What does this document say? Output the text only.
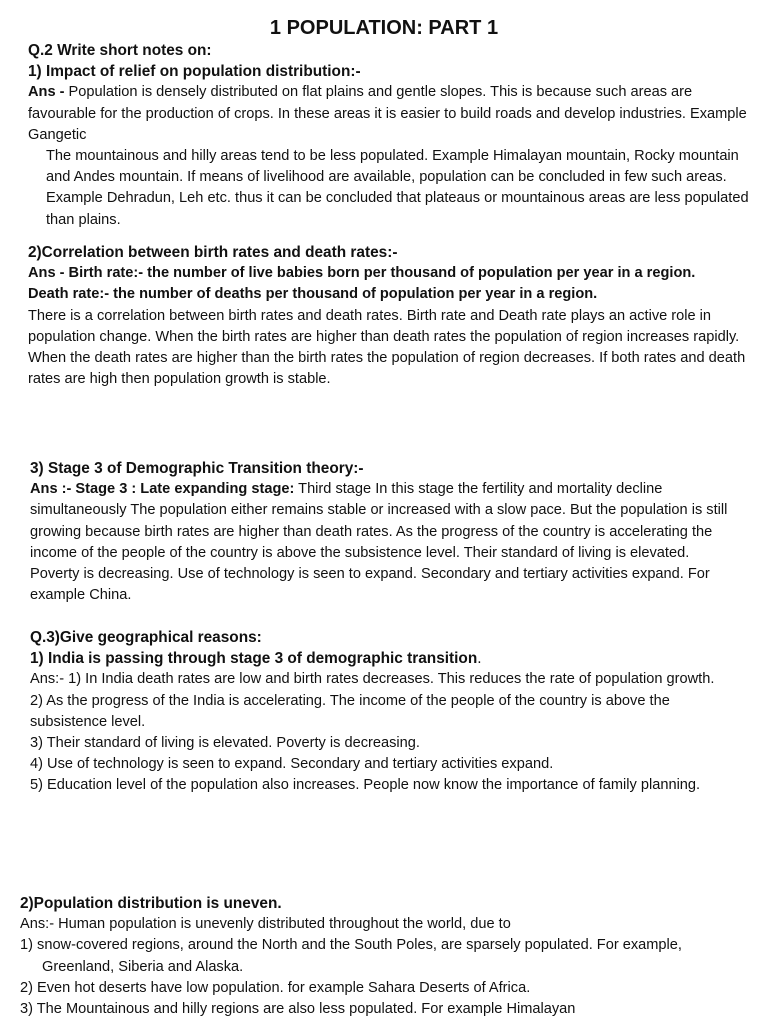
1 POPULATION: PART 1

Q.2 Write short notes on:

1) Impact of relief on population distribution:-

Ans - Population is densely distributed on flat plains and gentle slopes. This is because such areas are favourable for the production of crops. In these areas it is easier to build roads and develop industries. Example Gangetic

The mountainous and hilly areas tend to be less populated. Example Himalayan mountain, Rocky mountain and Andes mountain. If means of livelihood are available, population can be concluded in few such areas. Example Dehradun, Leh etc. thus it can be concluded that plateaus or mountainous areas are less populated than plains.

2)Correlation between birth rates and death rates:-

Ans - Birth rate:- the number of live babies born per thousand of population per year in a region.

Death rate:- the number of deaths per thousand of population per year in a region.

There is a correlation between birth rates and death rates. Birth rate and Death rate plays an active role in population change. When the birth rates are higher than death rates the population of region increases rapidly. When the death rates are higher than the birth rates the population of region decreases. If both rates and death rates are high then population growth is stable.

3) Stage 3 of Demographic Transition theory:-

Ans :- Stage 3 : Late expanding stage: Third stage In this stage the fertility and mortality decline simultaneously The population either remains stable or increased with a slow pace. But the population is still growing because birth rates are higher than death rates. As the progress of the country is accelerating the income of the people of the country is above the subsistence level. Their standard of living is elevated. Poverty is decreasing. Use of technology is seen to expand. Secondary and tertiary activities expand. For example China.

Q.3)Give geographical reasons:

1) India is passing through stage 3 of demographic transition.

Ans:- 1) In India death rates are low and birth rates decreases. This reduces the rate of population growth.

2) As the progress of the India is accelerating. The income of the people of the country is above the subsistence level.

3) Their standard of living is elevated. Poverty is decreasing.

4) Use of technology is seen to expand. Secondary and tertiary activities expand.

5) Education level of the population also increases. People now know the importance of family planning.

2)Population distribution is uneven.

Ans:- Human population is unevenly distributed throughout the world, due to

1) snow-covered regions, around the North and the South Poles, are sparsely populated. For example, Greenland, Siberia and Alaska.

2) Even hot deserts have low population. for example Sahara Deserts of Africa.

3) The Mountainous and hilly regions are also less populated. For example Himalayan
